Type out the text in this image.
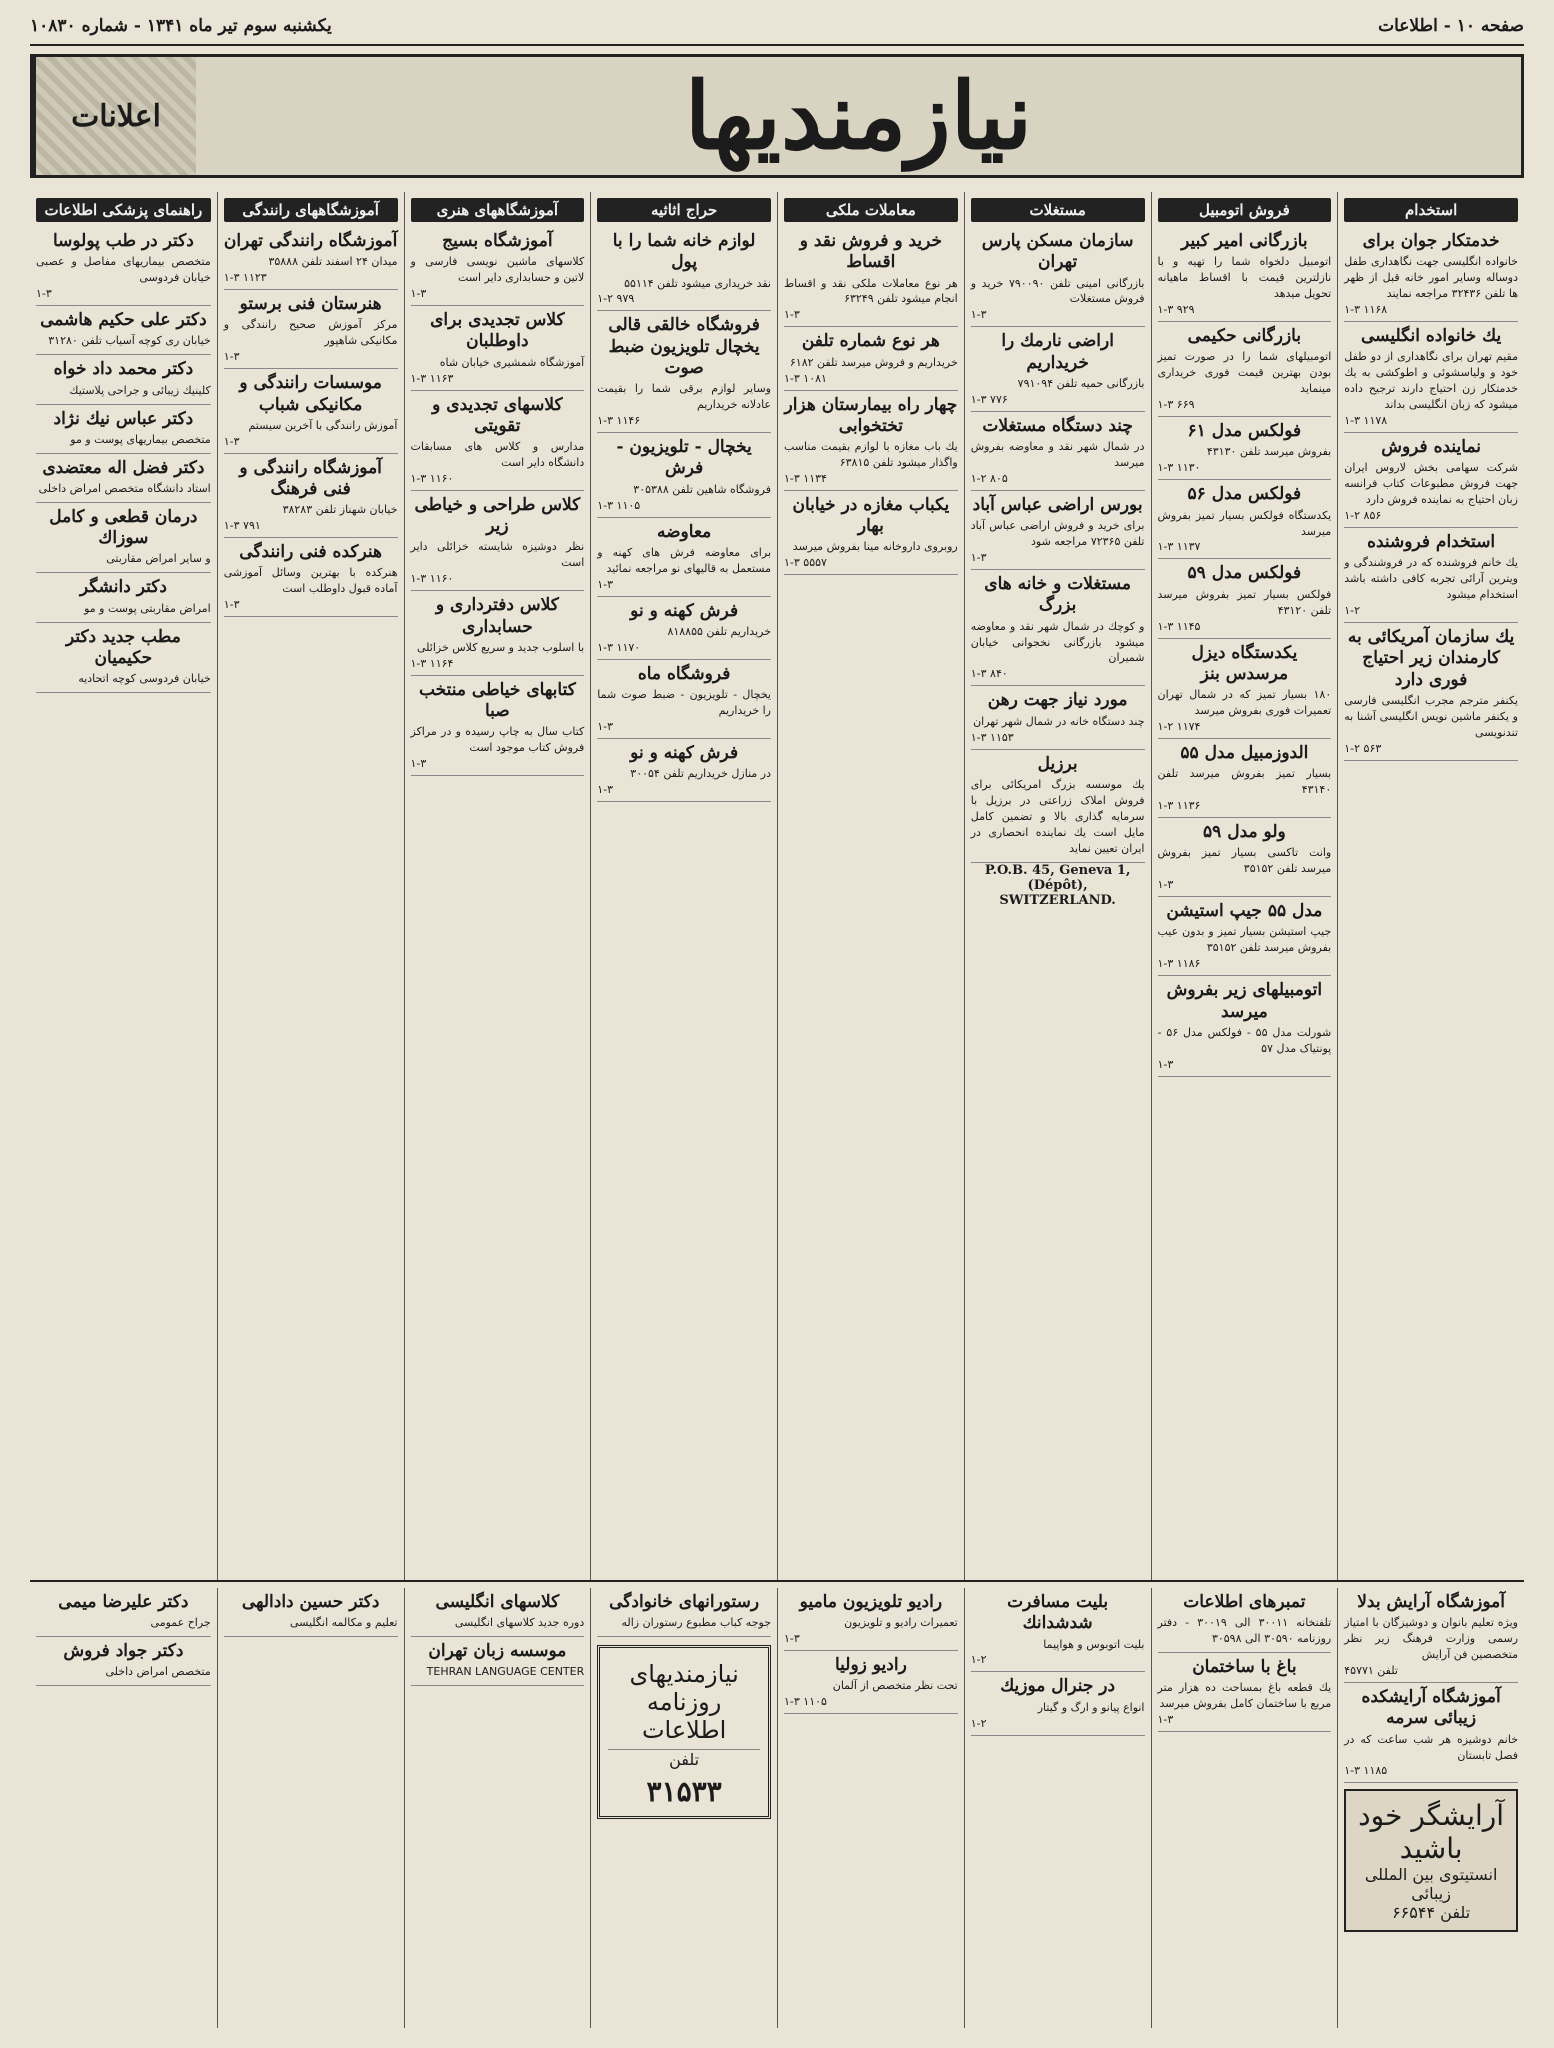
صفحه ۱۰ - اطلاعات
یکشنبه سوم تیر ماه ۱۳۴۱ - شماره ۱۰۸۳۰
نیازمندیها
اعلانات
استخدام
خدمتکار جوان برای
خانواده انگلیسی جهت نگاهداری طفل دوساله وسایر امور خانه قبل از ظهر ها تلفن ۳۲۴۳۶ مراجعه نمایند
۱-۳ ۱۱۶۸
یك خانواده انگلیسی
مقیم تهران برای نگاهداری از دو طفل خود و ولیاسشوئی و اطوکشی به یك خدمتکار زن احتیاج دارند ترجیح داده میشود که زبان انگلیسی بداند
۱-۳ ۱۱۷۸
نماینده فروش
شرکت سهامی بخش لاروس ایران جهت فروش مطبوعات کتاب فرانسه زبان احتیاج به نماینده فروش دارد
۱-۲ ۸۵۶
استخدام فروشنده
یك خانم فروشنده که در فروشندگی و ویترین آرائی تجربه کافی داشته باشد استخدام میشود
۱-۲
یك سازمان آمریکائی به کارمندان زیر احتیاج فوری دارد
یکنفر مترجم مجرب انگلیسی فارسی و یکنفر ماشین نویس انگلیسی آشنا به تندنویسی
۱-۲ ۵۶۳
فروش اتومبیل
بازرگانی امیر کبیر
اتومبیل دلخواه شما را تهیه و با نازلترین قیمت با اقساط ماهیانه تحویل میدهد
۱-۳ ۹۲۹
بازرگانی حکیمی
اتومبیلهای شما را در صورت تمیز بودن بهترین قیمت فوری خریداری مینماید
۱-۳ ۶۶۹
فولکس مدل ۶۱
بفروش میرسد تلفن ۴۳۱۳۰
۱-۳ ۱۱۳۰
فولکس مدل ۵۶
یکدستگاه فولکس بسیار تمیز بفروش میرسد
۱-۳ ۱۱۳۷
فولکس مدل ۵۹
فولکس بسیار تمیز بفروش میرسد تلفن ۴۳۱۲۰
۱-۳ ۱۱۴۵
یکدستگاه دیزل مرسدس بنز
۱۸۰ بسیار تمیز که در شمال تهران تعمیرات فوری بفروش میرسد
۱-۲ ۱۱۷۴
الدوزمبیل مدل ۵۵
بسیار تمیز بفروش میرسد تلفن ۴۳۱۴۰
۱-۳ ۱۱۳۶
ولو مدل ۵۹
وانت تاکسی بسیار تمیز بفروش میرسد تلفن ۳۵۱۵۲
۱-۳
مدل ۵۵ جیپ استیشن
جیپ استیشن بسیار تمیز و بدون عیب بفروش میرسد تلفن ۳۵۱۵۲
۱-۳ ۱۱۸۶
اتومبیلهای زیر بفروش میرسد
شورلت مدل ۵۵ - فولکس مدل ۵۶ - پونتیاک مدل ۵۷
۱-۳
مستغلات
سازمان مسکن پارس تهران
بازرگانی امینی تلفن ۷۹۰۰۹۰ خرید و فروش مستغلات
۱-۳
اراضی نارمك را خریداریم
بازرگانی حمیه تلفن ۷۹۱۰۹۴
۱-۳ ۷۷۶
چند دستگاه مستغلات
در شمال شهر نقد و معاوضه بفروش میرسد
۱-۲ ۸۰۵
بورس اراضی عباس آباد
برای خرید و فروش اراضی عباس آباد تلفن ۷۲۳۶۵ مراجعه شود
۱-۳
مستغلات و خانه های بزرگ
و کوچك در شمال شهر نقد و معاوضه میشود بازرگانی نخجوانی خیابان شمیران
۱-۳ ۸۴۰
مورد نیاز جهت رهن
چند دستگاه خانه در شمال شهر تهران
۱-۳ ۱۱۵۳
برزیل
یك موسسه بزرگ امریکائی برای فروش املاک زراعتی در برزیل با سرمایه گذاری بالا و تضمین کامل مایل است یك نماینده انحصاری در ایران تعیین نماید
P.O.B. 45, Geneva 1, (Dépôt), SWITZERLAND.
معاملات ملکی
خرید و فروش نقد و اقساط
هر نوع معاملات ملکی نقد و اقساط انجام میشود تلفن ۶۳۲۴۹
۱-۳
هر نوع شماره تلفن
خریداریم و فروش میرسد تلفن ۶۱۸۲
۱-۳ ۱۰۸۱
چهار راه بیمارستان هزار تختخوابی
یك باب مغازه با لوازم بقیمت مناسب واگذار میشود تلفن ۶۳۸۱۵
۱-۳ ۱۱۳۴
یکباب مغازه در خیابان بهار
روبروی داروخانه مینا بفروش میرسد
۱-۳ ۵۵۵۷
حراج اثاثیه
لوازم خانه شما را با پول
نقد خریداری میشود تلفن ۵۵۱۱۴
۱-۲ ۹۷۹
فروشگاه خالقی قالی یخچال تلویزیون ضبط صوت
وسایر لوازم برقی شما را بقیمت عادلانه خریداریم
۱-۳ ۱۱۴۶
یخچال - تلویزیون - فرش
فروشگاه شاهین تلفن ۳۰۵۳۸۸
۱-۳ ۱۱۰۵
معاوضه
برای معاوضه فرش های کهنه و مستعمل به قالیهای نو مراجعه نمائید
۱-۳
فرش کهنه و نو
خریداریم تلفن ۸۱۸۸۵۵
۱-۳ ۱۱۷۰
فروشگاه ماه
یخچال - تلویزیون - ضبط صوت شما را خریداریم
۱-۳
فرش کهنه و نو
در منازل خریداریم تلفن ۳۰۰۵۴
۱-۳
آموزشگاههای هنری
آموزشگاه بسیج
کلاسهای ماشین نویسی فارسی و لاتین و حسابداری دایر است
۱-۳
کلاس تجدیدی برای داوطلبان
آموزشگاه شمشیری خیابان شاه
۱-۳ ۱۱۶۳
کلاسهای تجدیدی و تقویتی
مدارس و کلاس های مسابقات دانشگاه دایر است
۱-۳ ۱۱۶۰
کلاس طراحی و خیاطی زیر
نظر دوشیزه شایسته خزائلی دایر است
۱-۳ ۱۱۶۰
کلاس دفترداری و حسابداری
با اسلوب جدید و سریع کلاس خزائلی
۱-۳ ۱۱۶۴
کتابهای خیاطی منتخب صبا
کتاب سال به چاپ رسیده و در مراکز فروش کتاب موجود است
۱-۳
آموزشگاههای رانندگی
آموزشگاه رانندگی تهران
میدان ۲۴ اسفند تلفن ۳۵۸۸۸
۱-۳ ۱۱۲۳
هنرستان فنی برستو
مرکز آموزش صحیح رانندگی و مکانیکی شاهپور
۱-۳
موسسات رانندگی و مکانیکی شباب
آموزش رانندگی با آخرین سیستم
۱-۳
آموزشگاه رانندگی و فنی فرهنگ
خیابان شهناز تلفن ۳۸۲۸۳
۱-۳ ۷۹۱
هنرکده فنی رانندگی
هنرکده با بهترین وسائل آموزشی آماده قبول داوطلب است
۱-۳
راهنمای پزشکی اطلاعات
دکتر در طب پولوسا
متخصص بیماریهای مفاصل و عصبی خیابان فردوسی
۱-۳
دکتر علی حکیم هاشمی
خیابان ری کوچه آسیاب تلفن ۳۱۲۸۰
دکتر محمد داد خواه
کلینیك زیبائی و جراحی پلاستیك
دکتر عباس نیك نژاد
متخصص بیماریهای پوست و مو
دکتر فضل اله معتضدی
استاد دانشگاه متخصص امراض داخلی
درمان قطعی و کامل سوزاك
و سایر امراض مقاربتی
دکتر دانشگر
امراض مقاربتی پوست و مو
مطب جدید دکتر حکیمیان
خیابان فردوسی کوچه اتحادیه
آموزشگاه آرایش بدلا
ویژه تعلیم بانوان و دوشیزگان با امتیاز رسمی وزارت فرهنگ زیر نظر متخصصین فن آرایش
تلفن ۴۵۷۷۱
آموزشگاه آرایشکده زیبائی سرمه
خانم دوشیزه هر شب ساعت که در فصل تابستان
۱-۳ ۱۱۸۵
آرایشگر خود باشید
انستیتوی بین المللی زیبائی
تلفن ۶۶۵۴۴
تمبرهای اطلاعات
تلفنخانه ۳۰۰۱۱ الی ۳۰۰۱۹ - دفتر روزنامه ۳۰۵۹۰ الی ۳۰۵۹۸
باغ با ساختمان
یك قطعه باغ بمساحت ده هزار متر مربع با ساختمان کامل بفروش میرسد
۱-۳
بلیت مسافرت شدشدانك
بلیت اتوبوس و هواپیما
۱-۲
در جنرال موزیك
انواع پیانو و ارگ و گیتار
۱-۲
رادیو تلویزیون مامیو
تعمیرات رادیو و تلویزیون
۱-۳
رادیو زولیا
تحت نظر متخصص از آلمان
۱-۳ ۱۱۰۵
رستورانهای خانوادگی
جوجه کباب مطبوع رستوران زاله
نیازمندیهای روزنامه اطلاعات
تلفن
۳۱۵۳۳
کلاسهای انگلیسی
دوره جدید کلاسهای انگلیسی
موسسه زبان تهران
TEHRAN LANGUAGE CENTER
دکتر حسین دادالهی
تعلیم و مکالمه انگلیسی
دکتر علیرضا میمی
جراح عمومی
دکتر جواد فروش
متخصص امراض داخلی
